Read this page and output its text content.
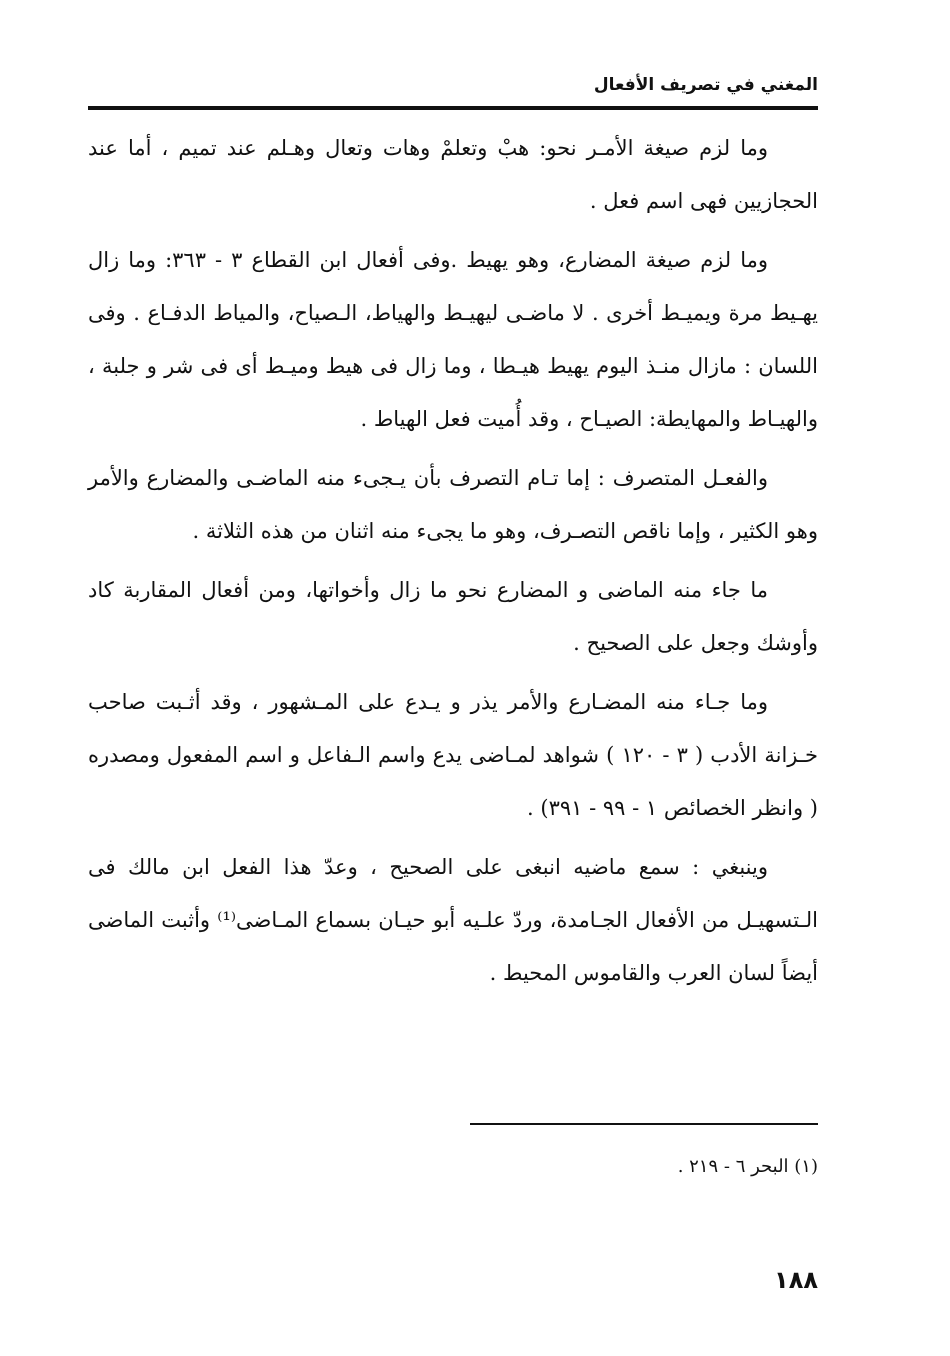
المغني في تصريف الأفعال

وما لزم صيغة الأمـر نحو: هبْ وتعلمْ وهات وتعال وهـلم عند تميم ، أما عند الحجازيين فهى اسم فعل .

وما لزم صيغة المضارع، وهو يهيط .وفى أفعال ابن القطاع ٣ - ٣٦٣: وما زال يهـيط مرة ويميـط أخرى . لا ماضـى ليهيـط والهياط، الـصياح، والمياط الدفـاع . وفى اللسان : مازال منـذ اليوم يهيط هيـطا ، وما زال فى هيط وميـط أى فى شر و جلبة ، والهيـاط والمهايطة: الصيـاح ، وقد أُميت فعل الهياط .

والفعـل المتصرف : إما تـام التصرف بأن يـجىء منه الماضـى والمضارع والأمر وهو الكثير ، وإما ناقص التصـرف، وهو ما يجىء منه اثنان من هذه الثلاثة .

ما جاء منه الماضى و المضارع نحو ما زال وأخواتها، ومن أفعال المقاربة كاد وأوشك وجعل على الصحيح .

وما جـاء منه المضـارع والأمر يذر و يـدع على المـشهور ، وقد أثـبت صاحب خـزانة الأدب ( ٣ - ١٢٠ ) شواهد لمـاضى يدع واسم الـفاعل و اسم المفعول ومصدره ( وانظر الخصائص ١ - ٩٩ - ٣٩١) .

وينبغي : سمع ماضيه انبغى على الصحيح ، وعدّ هذا الفعل ابن مالك فى الـتسهيـل من الأفعال الجـامدة، وردّ علـيه أبو حيـان بسماع المـاضى⁽¹⁾ وأثبت الماضى أيضاً لسان العرب والقاموس المحيط .

(١) البحر ٦ - ٢١٩ .
١٨٨
